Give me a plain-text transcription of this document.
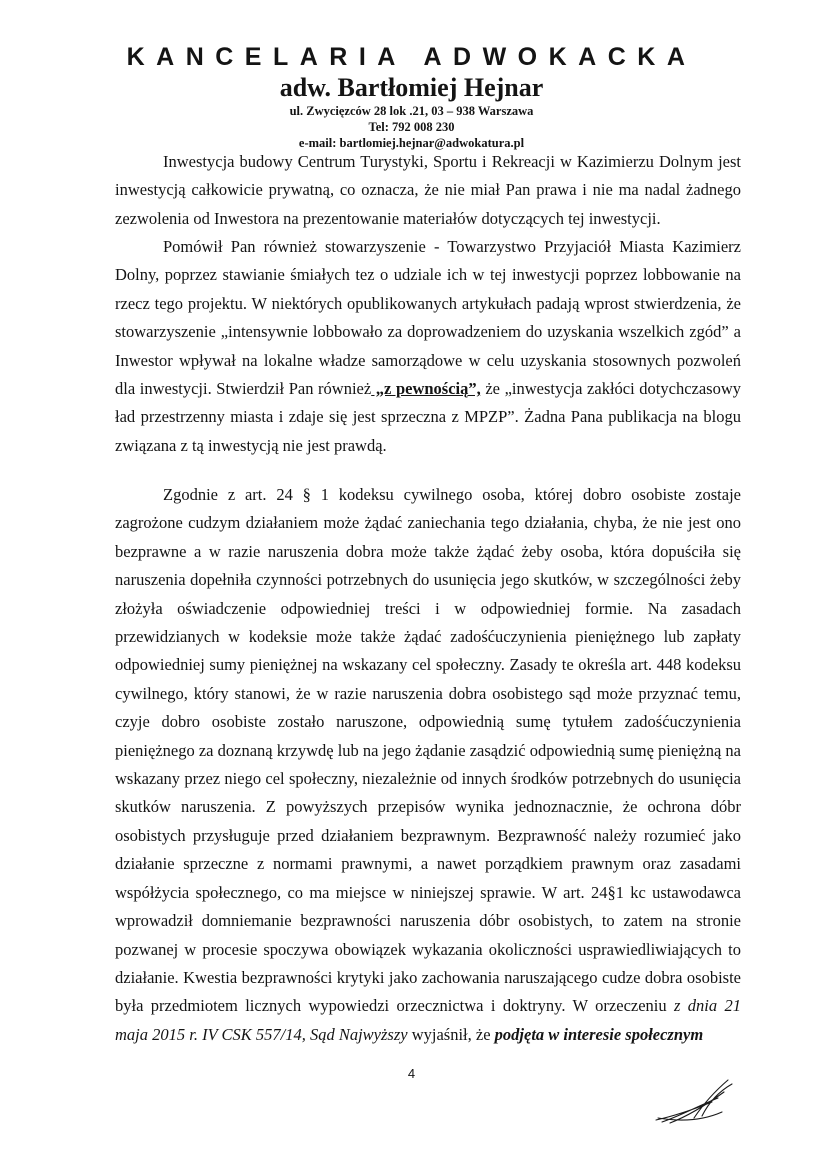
KANCELARIA ADWOKACKA
adw. Bartłomiej Hejnar
ul. Zwycięzców 28 lok .21, 03 – 938 Warszawa
Tel: 792 008 230
e-mail: bartlomiej.hejnar@adwokatura.pl
Inwestycja budowy Centrum Turystyki, Sportu i Rekreacji w Kazimierzu Dolnym jest inwestycją całkowicie prywatną, co oznacza, że nie miał Pan prawa i nie ma nadal żadnego zezwolenia od Inwestora na prezentowanie materiałów dotyczących tej inwestycji.
Pomówił Pan również stowarzyszenie - Towarzystwo Przyjaciół Miasta Kazimierz Dolny, poprzez stawianie śmiałych tez o udziale ich w tej inwestycji poprzez lobbowanie na rzecz tego projektu. W niektórych opublikowanych artykułach padają wprost stwierdzenia, że stowarzyszenie „intensywnie lobbowało za doprowadzeniem do uzyskania wszelkich zgód” a Inwestor wpływał na lokalne władze samorządowe w celu uzyskania stosownych pozwoleń dla inwestycji. Stwierdził Pan również „z pewnością”, że „inwestycja zakłóci dotychczasowy ład przestrzenny miasta i zdaje się jest sprzeczna z MPZP”. Żadna Pana publikacja na blogu związana z tą inwestycją nie jest prawdą.
Zgodnie z art. 24 § 1 kodeksu cywilnego osoba, której dobro osobiste zostaje zagrożone cudzym działaniem może żądać zaniechania tego działania, chyba, że nie jest ono bezprawne a w razie naruszenia dobra może także żądać żeby osoba, która dopuściła się naruszenia dopełniła czynności potrzebnych do usunięcia jego skutków, w szczególności żeby złożyła oświadczenie odpowiedniej treści i w odpowiedniej formie. Na zasadach przewidzianych w kodeksie może także żądać zadośćuczynienia pieniężnego lub zapłaty odpowiedniej sumy pieniężnej na wskazany cel społeczny. Zasady te określa art. 448 kodeksu cywilnego, który stanowi, że w razie naruszenia dobra osobistego sąd może przyznać temu, czyje dobro osobiste zostało naruszone, odpowiednią sumę tytułem zadośćuczynienia pieniężnego za doznaną krzywdę lub na jego żądanie zasądzić odpowiednią sumę pieniężną na wskazany przez niego cel społeczny, niezależnie od innych środków potrzebnych do usunięcia skutków naruszenia. Z powyższych przepisów wynika jednoznacznie, że ochrona dóbr osobistych przysługuje przed działaniem bezprawnym. Bezprawność należy rozumieć jako działanie sprzeczne z normami prawnymi, a nawet porządkiem prawnym oraz zasadami współżycia społecznego, co ma miejsce w niniejszej sprawie. W art. 24§1 kc ustawodawca wprowadził domniemanie bezprawności naruszenia dóbr osobistych, to zatem na stronie pozwanej w procesie spoczywa obowiązek wykazania okoliczności usprawiedliwiających to działanie. Kwestia bezprawności krytyki jako zachowania naruszającego cudze dobra osobiste była przedmiotem licznych wypowiedzi orzecznictwa i doktryny. W orzeczeniu z dnia 21 maja 2015 r. IV CSK 557/14, Sąd Najwyższy wyjaśnił, że podjęta w interesie społecznym
4
